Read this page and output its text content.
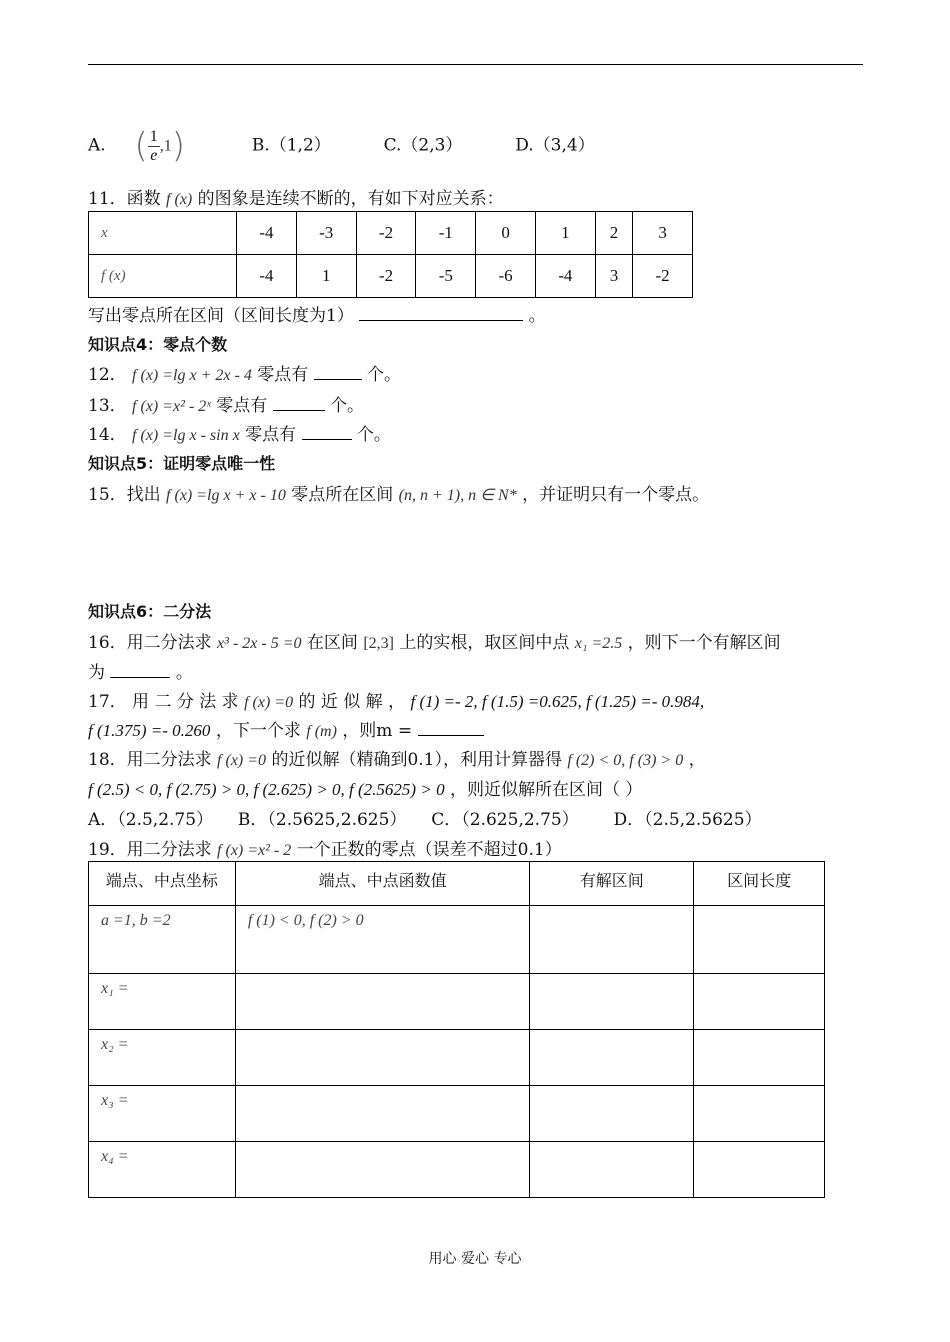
A. ( $\frac{1}{e} ,1$)	B.（1,2）	C.（2,3）	D.（3,4）
11．函数 f (x) 的图象是连续不断的，有如下对应关系：
x	-4	-3	-2	-1	0	1	2	3
f (x)	-4	1	-2	-5	-6	-4	3	-2
写出零点所在区间（区间长度为1）	。
知识点4：零点个数
12． f (x) =lg x + 2x - 4 零点有	个。
13． f (x) =x² - 2ˣ 零点有	个。
14． f (x) =lg x - sin x 零点有	个。
知识点5：证明零点唯一性
15．找出 f (x) =lg x + x - 10 零点所在区间 (n, n + 1), n ∈ N* ，并证明只有一个零点。
知识点6：二分法
16．用二分法求 x³ - 2x - 5 =0 在区间 [2,3] 上的实根，取区间中点 x₁ =2.5 ，则下一个有解区间
为	。
17． 用 二 分 法 求 f (x) =0 的 近 似 解 ， f (1) =- 2, f (1.5) =0.625, f (1.25) =- 0.984,
f (1.375) =- 0.260 ，下一个求 f (m) ，则m =
18．用二分法求 f (x) =0 的近似解（精确到0.1），利用计算器得 f (2) < 0, f (3) > 0 ，
f (2.5) < 0, f (2.75) > 0, f (2.625) > 0, f (2.5625) > 0 ，则近似解所在区间（ ）
A．（2.5,2.75） B．（2.5625,2.625） C．（2.625,2.75） D．（2.5,2.5625）
19．用二分法求 f (x) =x² - 2 一个正数的零点（误差不超过0.1）
端点、中点坐标	端点、中点函数值	有解区间	区间长度
a =1, b =2	f (1) < 0, f (2) > 0		
x₁ =			
x₂ =			
x₃ =			
x₄ =			
用心 爱心 专心
